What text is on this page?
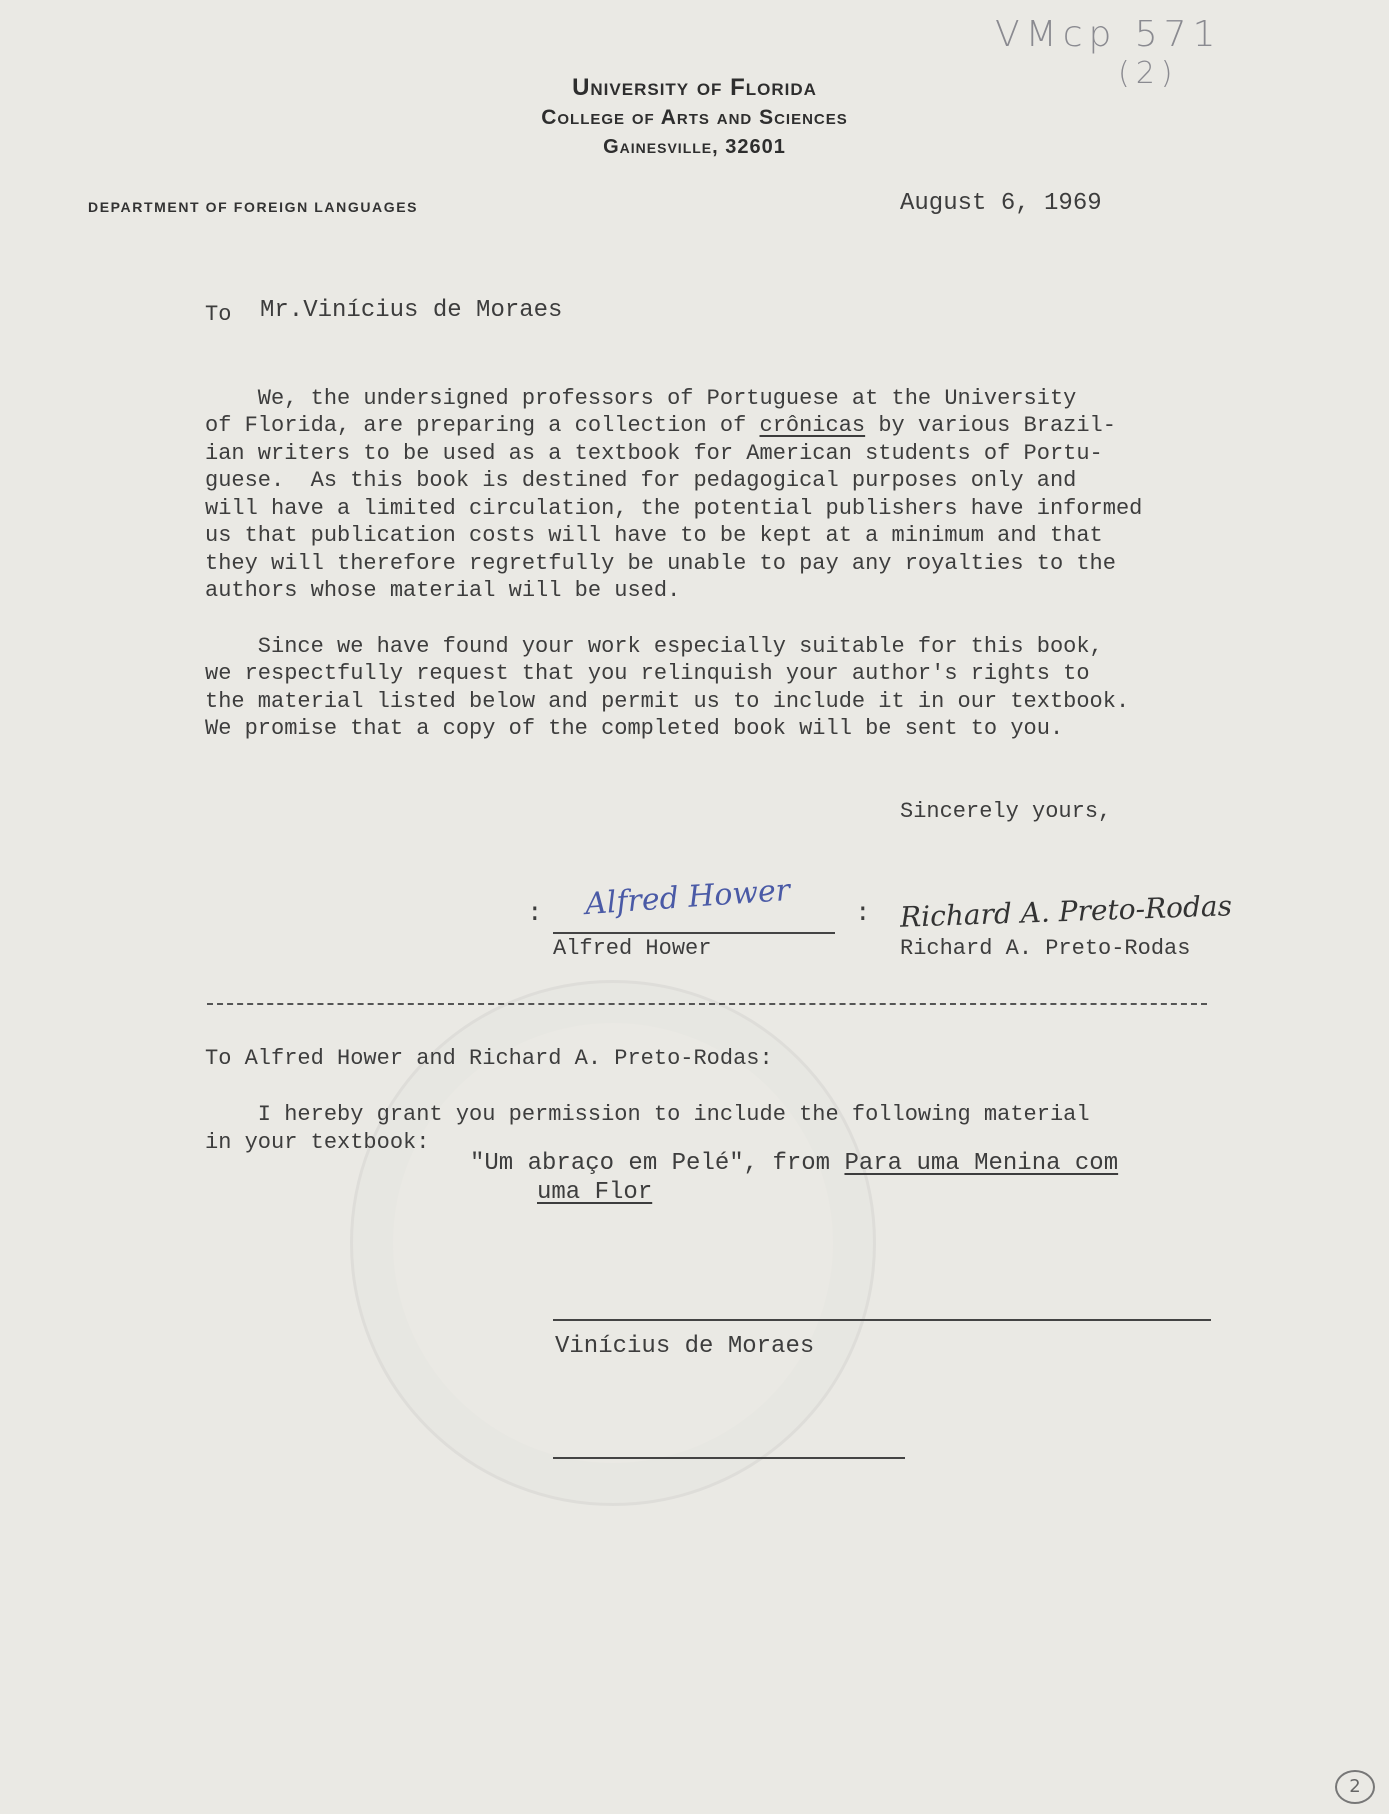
VMcp 571
(2)
University of Florida
College of Arts and Sciences
Gainesville, 32601
DEPARTMENT OF FOREIGN LANGUAGES	August 6, 1969
To Mr.Vinícius de Moraes

We, the undersigned professors of Portuguese at the University
of Florida, are preparing a collection of crônicas by various Brazil-
ian writers to be used as a textbook for American students of Portu-
guese.  As this book is destined for pedagogical purposes only and
will have a limited circulation, the potential publishers have informed
us that publication costs will have to be kept at a minimum and that
they will therefore regretfully be unable to pay any royalties to the
authors whose material will be used.

Since we have found your work especially suitable for this book,
we respectfully request that you relinquish your author's rights to
the material listed below and permit us to include it in our textbook.
We promise that a copy of the completed book will be sent to you.
Sincerely yours,
Alfred Hower	Richard A. Preto-Rodas
:	:
Alfred Hower	Richard A. Preto-Rodas
To Alfred Hower and Richard A. Preto-Rodas:
I hereby grant you permission to include the following material
in your textbook:
"Um abraço em Pelé", from Para uma Menina com
uma Flor
Vinícius de Moraes
2
